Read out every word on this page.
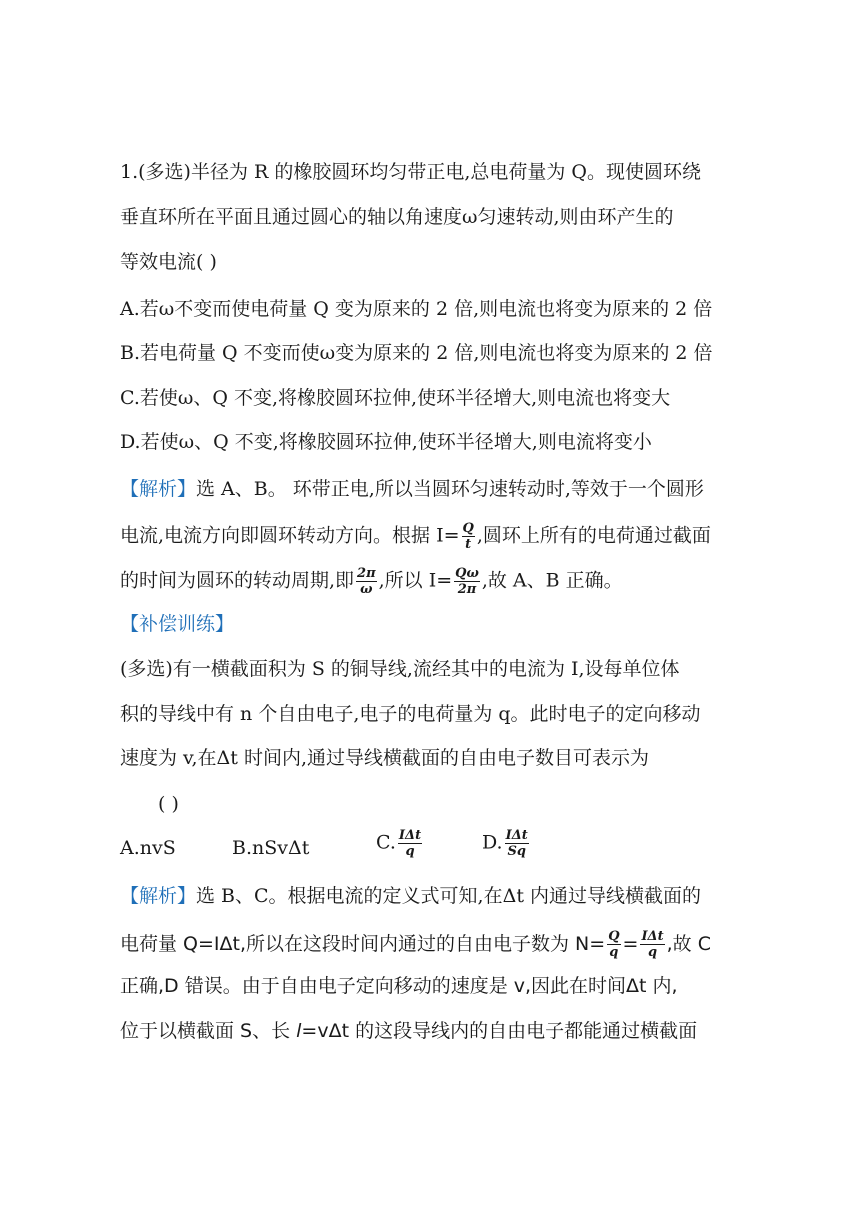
1.(多选)半径为 R 的橡胶圆环均匀带正电,总电荷量为 Q。现使圆环绕
垂直环所在平面且通过圆心的轴以角速度ω匀速转动,则由环产生的
等效电流( )
A.若ω不变而使电荷量 Q 变为原来的 2 倍,则电流也将变为原来的 2 倍
B.若电荷量 Q 不变而使ω变为原来的 2 倍,则电流也将变为原来的 2 倍
C.若使ω、Q 不变,将橡胶圆环拉伸,使环半径增大,则电流也将变大
D.若使ω、Q 不变,将橡胶圆环拉伸,使环半径增大,则电流将变小
【解析】选 A、B。 环带正电,所以当圆环匀速转动时,等效于一个圆形
电流,电流方向即圆环转动方向。根据 $I= \frac{Q}{t}$ ,圆环上所有的电荷通过截面
的时间为圆环的转动周期,即 $\frac{2\pi}{\omega}$ ,所以 $I= \frac{Q\omega}{2\pi}$ ,故 A、B 正确。
【补偿训练】
(多选)有一横截面积为 S 的铜导线,流经其中的电流为 I,设每单位体
积的导线中有 n 个自由电子,电子的电荷量为 q。此时电子的定向移动
速度为 v,在Δt 时间内,通过导线横截面的自由电子数目可表示为
( )
A.nvS	B.nSvΔt	C. $\frac{\text{IΔt}}{q}$	D. $\frac{\text{IΔt}}{Sq}$
【解析】选 B、C。根据电流的定义式可知,在Δt 内通过导线横截面的
电荷量 Q=IΔt,所以在这段时间内通过的自由电子数为 $N= \frac{Q}{q} = \frac{\text{IΔt}}{q}$ ,故 C
正确,D 错误。由于自由电子定向移动的速度是 v,因此在时间Δt 内,
位于以横截面 S、长 l=vΔt 的这段导线内的自由电子都能通过横截面
